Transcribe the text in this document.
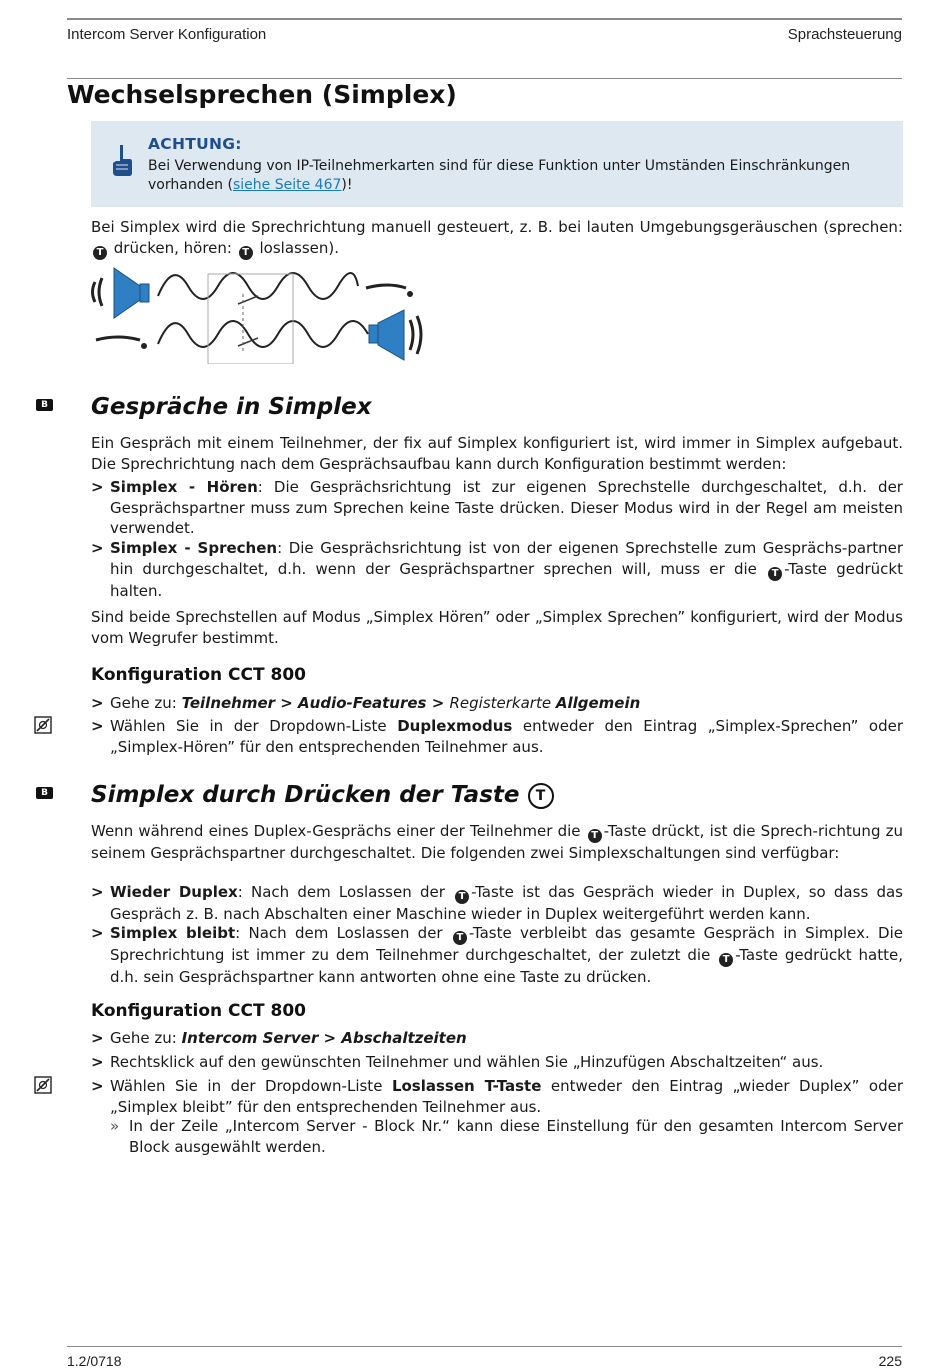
Intercom Server Konfiguration	Sprachsteuerung
Wechselsprechen (Simplex)
ACHTUNG:
Bei Verwendung von IP-Teilnehmerkarten sind für diese Funktion unter Umständen Einschränkungen vorhanden (siehe Seite 467)!

Bei Simplex wird die Sprechrichtung manuell gesteuert, z. B. bei lauten Umgebungsgeräuschen (sprechen: T drücken, hören: T loslassen).

B Gespräche in Simplex

Ein Gespräch mit einem Teilnehmer, der fix auf Simplex konfiguriert ist, wird immer in Simplex aufgebaut. Die Sprechrichtung nach dem Gesprächsaufbau kann durch Konfiguration bestimmt werden:

> Simplex - Hören: Die Gesprächsrichtung ist zur eigenen Sprechstelle durchgeschaltet, d.h. der Gesprächspartner muss zum Sprechen keine Taste drücken. Dieser Modus wird in der Regel am meisten verwendet.
> Simplex - Sprechen: Die Gesprächsrichtung ist von der eigenen Sprechstelle zum Gesprächs-partner hin durchgeschaltet, d.h. wenn der Gesprächspartner sprechen will, muss er die T -Taste gedrückt halten.

Sind beide Sprechstellen auf Modus „Simplex Hören” oder „Simplex Sprechen” konfiguriert, wird der Modus vom Wegrufer bestimmt.

Konfiguration CCT 800
> Gehe zu: Teilnehmer > Audio-Features > Registerkarte Allgemein
> Wählen Sie in der Dropdown-Liste Duplexmodus entweder den Eintrag „Simplex-Sprechen” oder „Simplex-Hören” für den entsprechenden Teilnehmer aus.
B Simplex durch Drücken der Taste T

Wenn während eines Duplex-Gesprächs einer der Teilnehmer die T -Taste drückt, ist die Sprech-richtung zu seinem Gesprächspartner durchgeschaltet. Die folgenden zwei Simplexschaltungen sind verfügbar:

> Wieder Duplex: Nach dem Loslassen der T -Taste ist das Gespräch wieder in Duplex, so dass das Gespräch z. B. nach Abschalten einer Maschine wieder in Duplex weitergeführt werden kann.
> Simplex bleibt: Nach dem Loslassen der T -Taste verbleibt das gesamte Gespräch in Simplex. Die Sprechrichtung ist immer zu dem Teilnehmer durchgeschaltet, der zuletzt die T -Taste gedrückt hatte, d.h. sein Gesprächspartner kann antworten ohne eine Taste zu drücken.
Konfiguration CCT 800
> Gehe zu: Intercom Server > Abschaltzeiten
> Rechtsklick auf den gewünschten Teilnehmer und wählen Sie „Hinzufügen Abschaltzeiten“ aus.
> Wählen Sie in der Dropdown-Liste Loslassen T-Taste entweder den Eintrag „wieder Duplex” oder „Simplex bleibt” für den entsprechenden Teilnehmer aus.
» In der Zeile „Intercom Server - Block Nr.“ kann diese Einstellung für den gesamten Intercom Server Block ausgewählt werden.
1.2/0718	225
